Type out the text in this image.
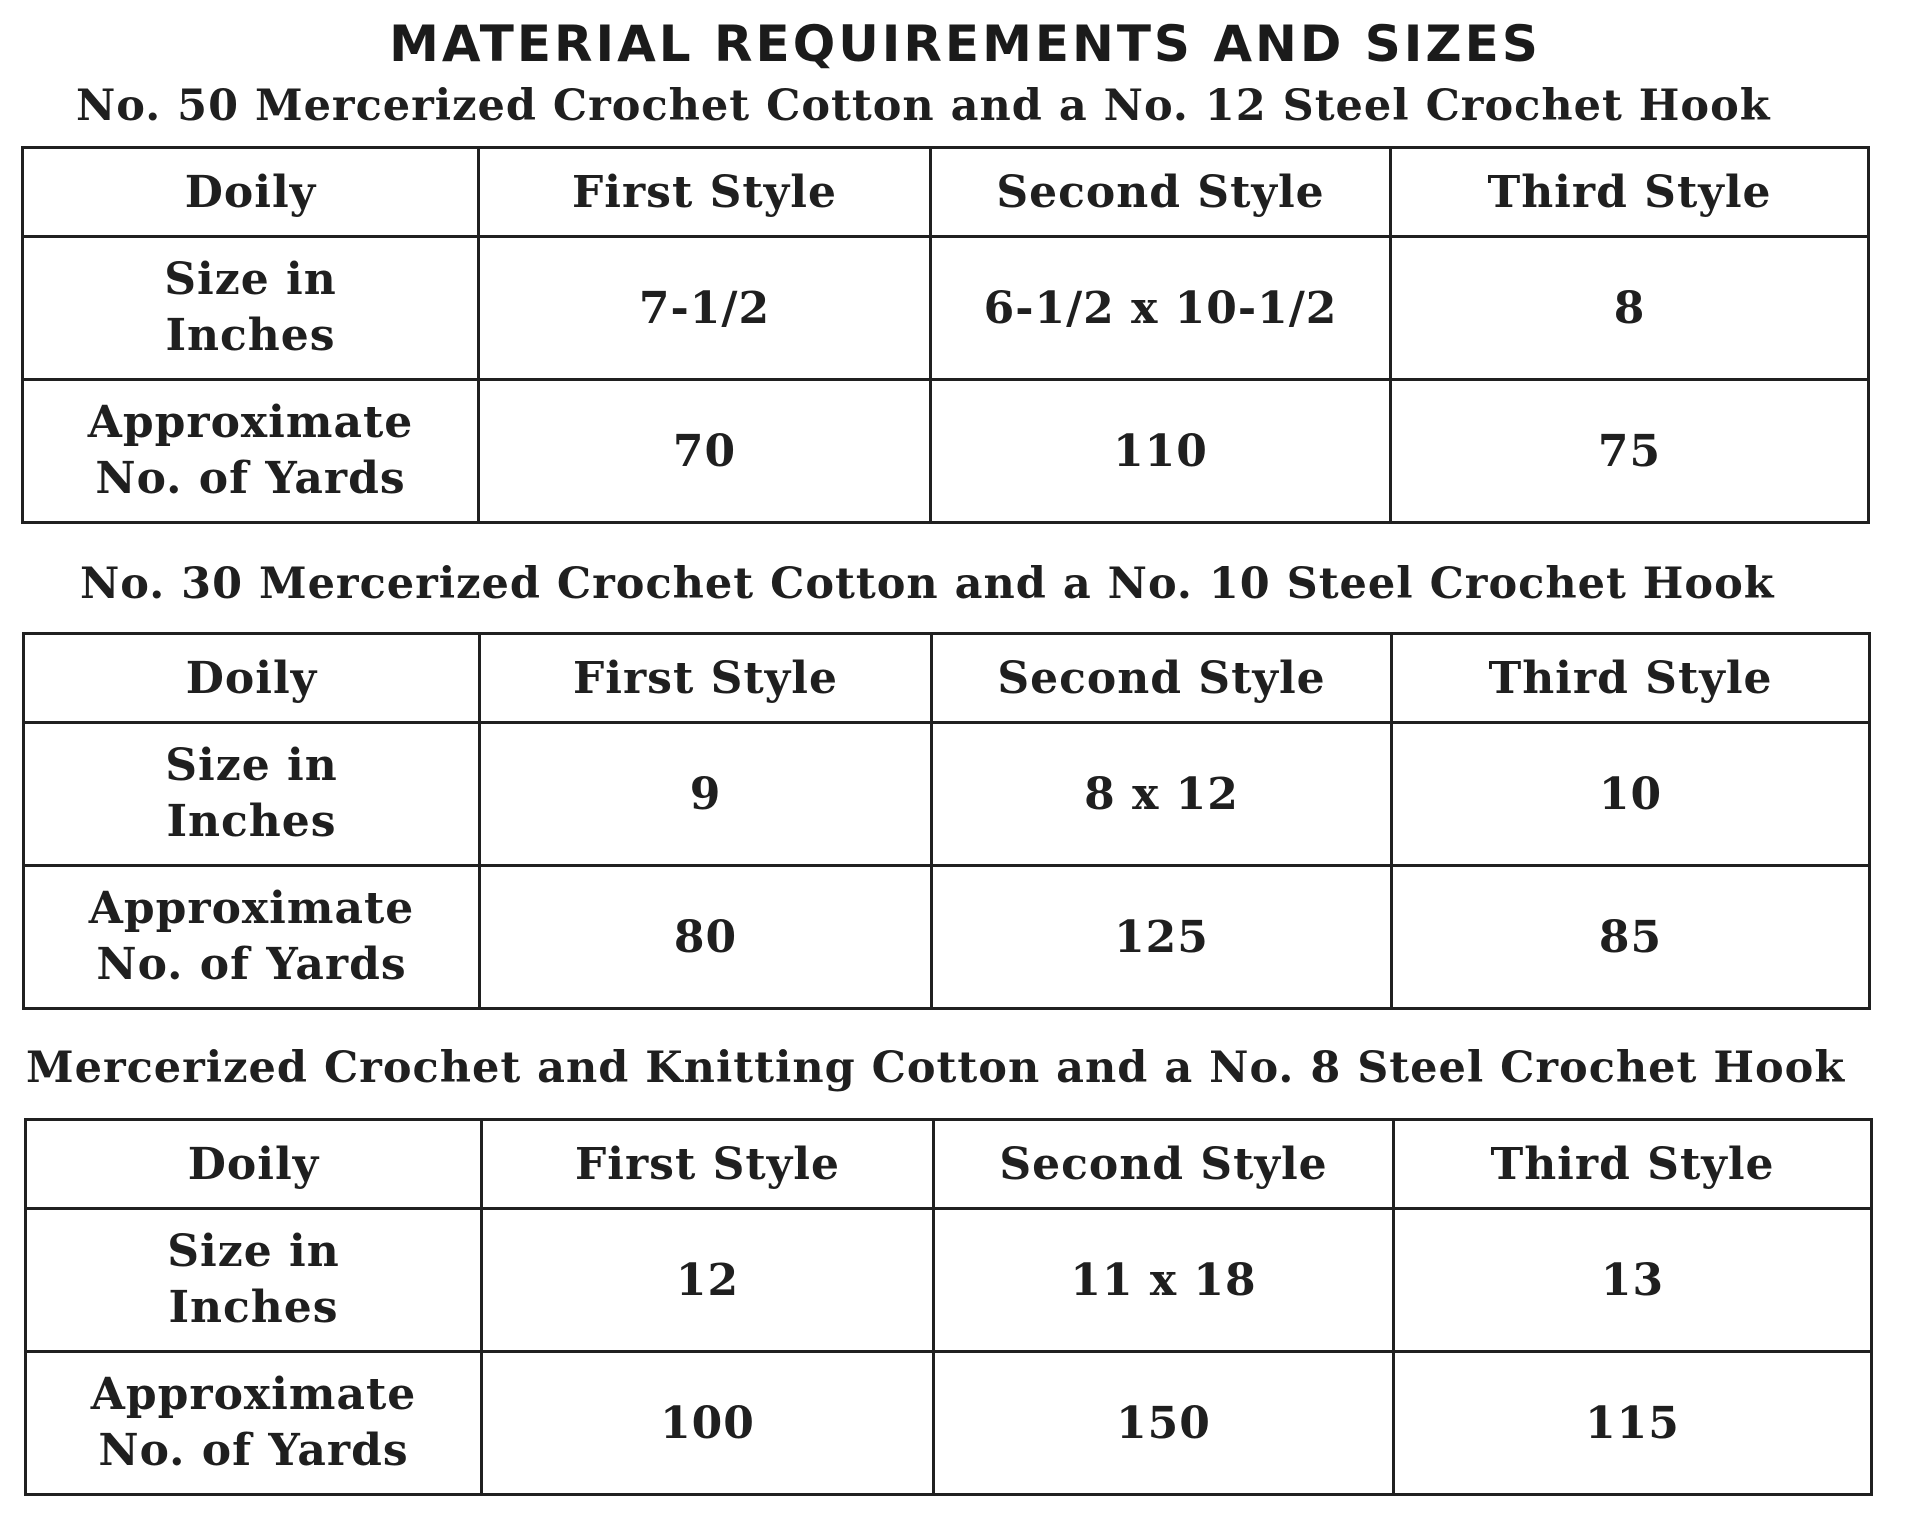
MATERIAL REQUIREMENTS AND SIZES
No. 50 Mercerized Crochet Cotton and a No. 12 Steel Crochet Hook
Doily	First Style	Second Style	Third Style

Size in
Inches	7-1/2	6-1/2 x 10-1/2	8

Approximate
No. of Yards	70	110	75
No. 30 Mercerized Crochet Cotton and a No. 10 Steel Crochet Hook
Doily	First Style	Second Style	Third Style

Size in
Inches	9	8 x 12	10

Approximate
No. of Yards	80	125	85
Mercerized Crochet and Knitting Cotton and a No. 8 Steel Crochet Hook
Doily	First Style	Second Style	Third Style

Size in
Inches	12	11 x 18	13

Approximate
No. of Yards	100	150	115
